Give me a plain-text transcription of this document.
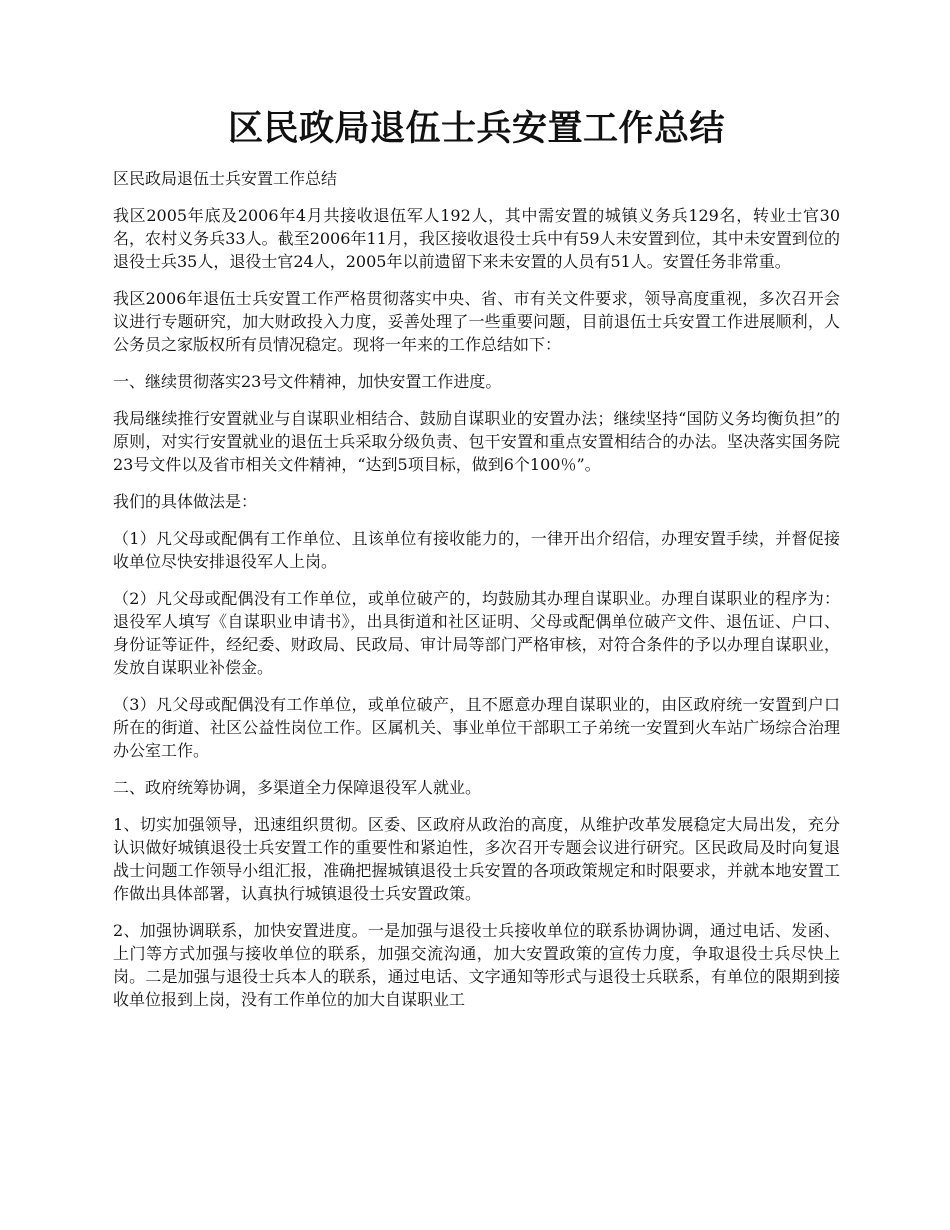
区民政局退伍士兵安置工作总结

区民政局退伍士兵安置工作总结

我区2005年底及2006年4月共接收退伍军人192人，其中需安置的城镇义务兵129名，转业士官30名，农村义务兵33人。截至2006年11月，我区接收退役士兵中有59人未安置到位，其中未安置到位的退役士兵35人，退役士官24人，2005年以前遗留下来未安置的人员有51人。安置任务非常重。

我区2006年退伍士兵安置工作严格贯彻落实中央、省、市有关文件要求，领导高度重视，多次召开会议进行专题研究，加大财政投入力度，妥善处理了一些重要问题，目前退伍士兵安置工作进展顺利，人公务员之家版权所有员情况稳定。现将一年来的工作总结如下：

一、继续贯彻落实23号文件精神，加快安置工作进度。

我局继续推行安置就业与自谋职业相结合、鼓励自谋职业的安置办法；继续坚持“国防义务均衡负担”的原则，对实行安置就业的退伍士兵采取分级负责、包干安置和重点安置相结合的办法。坚决落实国务院23号文件以及省市相关文件精神，“达到5项目标，做到6个100％”。

我们的具体做法是：

（1）凡父母或配偶有工作单位、且该单位有接收能力的，一律开出介绍信，办理安置手续，并督促接收单位尽快安排退役军人上岗。

（2）凡父母或配偶没有工作单位，或单位破产的，均鼓励其办理自谋职业。办理自谋职业的程序为：退役军人填写《自谋职业申请书》，出具街道和社区证明、父母或配偶单位破产文件、退伍证、户口、身份证等证件，经纪委、财政局、民政局、审计局等部门严格审核，对符合条件的予以办理自谋职业，发放自谋职业补偿金。

（3）凡父母或配偶没有工作单位，或单位破产，且不愿意办理自谋职业的，由区政府统一安置到户口所在的街道、社区公益性岗位工作。区属机关、事业单位干部职工子弟统一安置到火车站广场综合治理办公室工作。

二、政府统筹协调，多渠道全力保障退役军人就业。

1、切实加强领导，迅速组织贯彻。区委、区政府从政治的高度，从维护改革发展稳定大局出发，充分认识做好城镇退役士兵安置工作的重要性和紧迫性，多次召开专题会议进行研究。区民政局及时向复退战士问题工作领导小组汇报，准确把握城镇退役士兵安置的各项政策规定和时限要求，并就本地安置工作做出具体部署，认真执行城镇退役士兵安置政策。

2、加强协调联系，加快安置进度。一是加强与退役士兵接收单位的联系协调协调，通过电话、发函、上门等方式加强与接收单位的联系，加强交流沟通，加大安置政策的宣传力度，争取退役士兵尽快上岗。二是加强与退役士兵本人的联系，通过电话、文字通知等形式与退役士兵联系，有单位的限期到接收单位报到上岗，没有工作单位的加大自谋职业工
